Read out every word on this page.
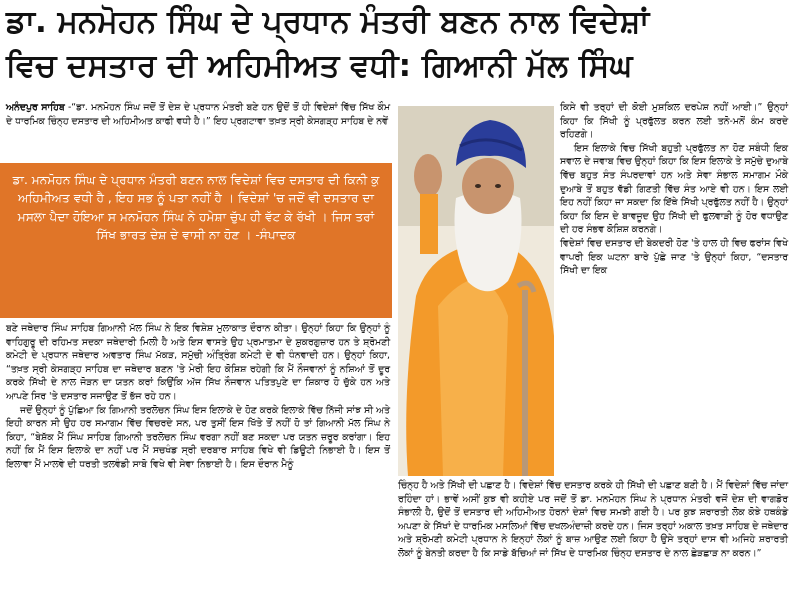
ਡਾ. ਮਨਮੋਹਨ ਸਿੰਘ ਦੇ ਪ੍ਰਧਾਨ ਮੰਤਰੀ ਬਣਨ ਨਾਲ ਵਿਦੇਸ਼ਾਂ
ਵਿਚ ਦਸਤਾਰ ਦੀ ਅਹਿਮੀਅਤ ਵਧੀ: ਗਿਆਨੀ ਮੱਲ ਸਿੰਘ

ਅਨੰਦਪੁਰ ਸਾਹਿਬ -“ਡਾ. ਮਨਮੋਹਨ ਸਿੰਘ ਜਦੋਂ ਤੋਂ ਦੇਸ਼ ਦੇ ਪ੍ਰਧਾਨ ਮੰਤਰੀ ਬਣੇ ਹਨ ਉਦੋਂ ਤੋਂ ਹੀ ਵਿਦੇਸ਼ਾਂ ਵਿੱਚ ਸਿੱਖ ਕੌਮ ਦੇ ਧਾਰਮਿਕ ਚਿੰਨ੍ਹ ਦਸਤਾਰ ਦੀ ਅਹਿਮੀਅਤ ਕਾਫੀ ਵਧੀ ਹੈ।” ਇਹ ਪ੍ਰਗਟਾਵਾ ਤਖ਼ਤ ਸ੍ਰੀ ਕੇਸਗੜ੍ਹ ਸਾਹਿਬ ਦੇ ਨਵੇਂ

ਡਾ. ਮਨਮੋਹਨ ਸਿੰਘ ਦੇ ਪ੍ਰਧਾਨ ਮੰਤਰੀ ਬਣਨ ਨਾਲ ਵਿਦੇਸ਼ਾਂ ਵਿਚ ਦਸਤਾਰ ਦੀ ਕਿਨੀ ਕੁ ਅਹਿਮੀਅਤ ਵਧੀ ਹੈ , ਇਹ ਸਭ ਨੂੰ ਪਤਾ ਨਹੀਂ ਹੈ । ਵਿਦੇਸ਼ਾਂ 'ਚ ਜਦੋਂ ਵੀ ਦਸਤਾਰ ਦਾ ਮਸਲਾ ਪੈਦਾ ਹੋਇਆ ਸ ਮਨਮੋਹਨ ਸਿੰਘ ਨੇ ਹਮੇਸ਼ਾ ਚੁੱਪ ਹੀ ਵੱਟ ਕੇ ਰੱਖੀ । ਜਿਸ ਤਰਾਂ ਸਿੱਖ ਭਾਰਤ ਦੇਸ਼ ਦੇ ਵਾਸੀ ਨਾ ਹੋਣ । -ਸੰਪਾਦਕ

ਬਣੇ ਜਥੇਦਾਰ ਸਿੰਘ ਸਾਹਿਬ ਗਿਆਨੀ ਮੱਲ ਸਿੰਘ ਨੇ ਇਕ ਵਿਸ਼ੇਸ਼ ਮੁਲਾਕਾਤ ਦੌਰਾਨ ਕੀਤਾ। ਉਨ੍ਹਾਂ ਕਿਹਾ ਕਿ ਉਨ੍ਹਾਂ ਨੂੰ ਵਾਹਿਗੁਰੂ ਦੀ ਰਹਿਮਤ ਸਦਕਾ ਜਥੇਦਾਰੀ ਮਿਲੀ ਹੈ ਅਤੇ ਇਸ ਵਾਸਤੇ ਉਹ ਪ੍ਰਮਾਤਮਾ ਦੇ ਸ਼ੁਕਰਗੁਜ਼ਾਰ ਹਨ ਤੇ ਸ਼੍ਰੋਮਣੀ ਕਮੇਟੀ ਦੇ ਪ੍ਰਧਾਨ ਜਥੇਦਾਰ ਅਵਤਾਰ ਸਿੰਘ ਮੱਕੜ, ਸਮੁੱਚੀ ਅੰਤ੍ਰਿੰਗ ਕਮੇਟੀ ਦੇ ਵੀ ਧੰਨਵਾਦੀ ਹਨ। ਉਨ੍ਹਾਂ ਕਿਹਾ, “ਤਖ਼ਤ ਸ੍ਰੀ ਕੇਸਗੜ੍ਹ ਸਾਹਿਬ ਦਾ ਜਥੇਦਾਰ ਬਣਨ 'ਤੇ ਮੇਰੀ ਇਹ ਕੋਸ਼ਿਸ਼ ਰਹੇਗੀ ਕਿ ਮੈਂ ਨੌਜਵਾਨਾਂ ਨੂੰ ਨਸ਼ਿਆਂ ਤੋਂ ਦੂਰ ਕਰਕੇ ਸਿੱਖੀ ਦੇ ਨਾਲ ਜੋੜਨ ਦਾ ਯਤਨ ਕਰਾਂ ਕਿਉਂਕਿ ਅੱਜ ਸਿੱਖ ਨੌਜਵਾਨ ਪਤਿਤਪੁਣੇ ਦਾ ਸ਼ਿਕਾਰ ਹੋ ਚੁੱਕੇ ਹਨ ਅਤੇ ਆਪਣੇ ਸਿਰ 'ਤੇ ਦਸਤਾਰ ਸਜਾਉਣ ਤੋਂ ਭੱਜ ਰਹੇ ਹਨ।

ਜਦੋਂ ਉਨ੍ਹਾਂ ਨੂੰ ਪੁੱਛਿਆ ਕਿ ਗਿਆਨੀ ਤਰਲੋਚਨ ਸਿੰਘ ਇਸ ਇਲਾਕੇ ਦੇ ਹੋਣ ਕਰਕੇ ਇਲਾਕੇ ਵਿੱਚ ਨਿੱਜੀ ਸਾਂਝ ਸੀ ਅਤੇ ਇਹੀ ਕਾਰਨ ਸੀ ਉਹ ਹਰ ਸਮਾਗਮ ਵਿੱਚ ਵਿਚਰਦੇ ਸਨ, ਪਰ ਤੁਸੀਂ ਇਸ ਖਿੱਤੇ ਤੋਂ ਨਹੀਂ ਹੋ ਤਾਂ ਗਿਆਨੀ ਮੱਲ ਸਿੰਘ ਨੇ ਕਿਹਾ, “ਬੇਸ਼ੱਕ ਮੈਂ ਸਿੰਘ ਸਾਹਿਬ ਗਿਆਨੀ ਤਰਲੋਚਨ ਸਿੰਘ ਵਰਗਾ ਨਹੀਂ ਬਣ ਸਕਦਾ ਪਰ ਯਤਨ ਜ਼ਰੂਰ ਕਰਾਂਗਾ। ਇਹ ਨਹੀਂ ਕਿ ਮੈਂ ਇਸ ਇਲਾਕੇ ਦਾ ਨਹੀਂ ਪਰ ਮੈਂ ਸਚਖੰਡ ਸ੍ਰੀ ਦਰਬਾਰ ਸਾਹਿਬ ਵਿਖੇ ਵੀ ਡਿਊਟੀ ਨਿਭਾਈ ਹੈ। ਇਸ ਤੋਂ ਇਲਾਵਾ ਮੈਂ ਮਾਲਵੇ ਦੀ ਧਰਤੀ ਤਲਵੰਡੀ ਸਾਬੋ ਵਿਖੇ ਵੀ ਸੇਵਾ ਨਿਭਾਈ ਹੈ। ਇਸ ਦੌਰਾਨ ਮੈਨੂੰ

ਕਿਸੇ ਵੀ ਤਰ੍ਹਾਂ ਦੀ ਕੋਈ ਮੁਸ਼ਕਿਲ ਦਰਪੇਸ਼ ਨਹੀਂ ਆਈ।” ਉਨ੍ਹਾਂ ਕਿਹਾ ਕਿ ਸਿੱਖੀ ਨੂੰ ਪ੍ਰਫੁੱਲਤ ਕਰਨ ਲਈ ਤਨੋ-ਮਨੋਂ ਕੰਮ ਕਰਦੇ ਰਹਿਣਗੇ।

ਇਸ ਇਲਾਕੇ ਵਿਚ ਸਿੱਖੀ ਬਹੁਤੀ ਪ੍ਰਫੁੱਲਤ ਨਾ ਹੋਣ ਸਬੰਧੀ ਇਕ ਸਵਾਲ ਦੇ ਜਵਾਬ ਵਿਚ ਉਨ੍ਹਾਂ ਕਿਹਾ ਕਿ ਇਸ ਇਲਾਕੇ ਤੇ ਸਮੁੱਚੇ ਦੁਆਬੇ ਵਿੱਚ ਬਹੁਤ ਸੰਤ ਸੰਪਰਦਾਵਾਂ ਹਨ ਅਤੇ ਸੇਵਾ ਸੰਭਾਲ ਸਮਾਗਮ ਮੌਕੇ ਦੁਆਬੇ ਤੋਂ ਬਹੁਤ ਵੱਡੀ ਗਿਣਤੀ ਵਿੱਚ ਸੰਤ ਆਏ ਵੀ ਹਨ। ਇਸ ਲਈ ਇਹ ਨਹੀਂ ਕਿਹਾ ਜਾ ਸਕਦਾ ਕਿ ਇੱਥੇ ਸਿੱਖੀ ਪ੍ਰਫੁੱਲਤ ਨਹੀਂ ਹੈ। ਉਨ੍ਹਾਂ ਕਿਹਾ ਕਿ ਇਸ ਦੇ ਬਾਵਜੂਦ ਉਹ ਸਿੱਖੀ ਦੀ ਫੁਲਵਾੜੀ ਨੂੰ ਹੋਰ ਵਧਾਉਣ ਦੀ ਹਰ ਸੰਭਵ ਕੋਸ਼ਿਸ਼ ਕਰਨਗੇ।

ਵਿਦੇਸ਼ਾਂ ਵਿਚ ਦਸਤਾਰ ਦੀ ਬੇਕਦਰੀ ਹੋਣ 'ਤੇ ਹਾਲ ਹੀ ਵਿਚ ਫਰਾਂਸ ਵਿਖੇ ਵਾਪਰੀ ਇਕ ਘਟਨਾ ਬਾਰੇ ਪੁੱਛੇ ਜਾਣ 'ਤੇ ਉਨ੍ਹਾਂ ਕਿਹਾ, “ਦਸਤਾਰ ਸਿੱਖੀ ਦਾ ਇਕ

ਚਿੰਨ੍ਹ ਹੈ ਅਤੇ ਸਿੱਖੀ ਦੀ ਪਛਾਣ ਹੈ। ਵਿਦੇਸ਼ਾਂ ਵਿੱਚ ਦਸਤਾਰ ਕਰਕੇ ਹੀ ਸਿੱਖੀ ਦੀ ਪਛਾਣ ਬਣੀ ਹੈ। ਮੈਂ ਵਿਦੇਸ਼ਾਂ ਵਿੱਚ ਜਾਂਦਾ ਰਹਿੰਦਾ ਹਾਂ। ਭਾਵੇਂ ਅਸੀਂ ਕੁਝ ਵੀ ਕਹੀਏ ਪਰ ਜਦੋਂ ਤੋਂ ਡਾ. ਮਨਮੋਹਨ ਸਿੰਘ ਨੇ ਪ੍ਰਧਾਨ ਮੰਤਰੀ ਵਜੋਂ ਦੇਸ਼ ਦੀ ਵਾਗਡੋਰ ਸੰਭਾਲੀ ਹੈ, ਉਦੋਂ ਤੋਂ ਦਸਤਾਰ ਦੀ ਅਹਿਮੀਅਤ ਹੋਰਨਾਂ ਦੇਸ਼ਾਂ ਵਿਚ ਸਮਝੀ ਗਈ ਹੈ। ਪਰ ਕੁਝ ਸ਼ਰਾਰਤੀ ਲੋਕ ਕੋਝੇ ਹਥਕੰਡੇ ਅਪਣਾ ਕੇ ਸਿੱਖਾਂ ਦੇ ਧਾਰਮਿਕ ਮਸਲਿਆਂ ਵਿੱਚ ਦਖਲਅੰਦਾਜ਼ੀ ਕਰਦੇ ਹਨ। ਜਿਸ ਤਰ੍ਹਾਂ ਅਕਾਲ ਤਖ਼ਤ ਸਾਹਿਬ ਦੇ ਜਥੇਦਾਰ ਅਤੇ ਸ਼੍ਰੋਮਣੀ ਕਮੇਟੀ ਪ੍ਰਧਾਨ ਨੇ ਇਨ੍ਹਾਂ ਲੋਕਾਂ ਨੂੰ ਬਾਜ਼ ਆਉਣ ਲਈ ਕਿਹਾ ਹੈ ਉਸੇ ਤਰ੍ਹਾਂ ਦਾਸ ਵੀ ਅਜਿਹੇ ਸ਼ਰਾਰਤੀ ਲੋਕਾਂ ਨੂੰ ਬੇਨਤੀ ਕਰਦਾ ਹੈ ਕਿ ਸਾਡੇ ਬੱਚਿਆਂ ਜਾਂ ਸਿੱਖ ਦੇ ਧਾਰਮਿਕ ਚਿੰਨ੍ਹ ਦਸਤਾਰ ਦੇ ਨਾਲ ਛੇੜਛਾੜ ਨਾ ਕਰਨ।”
